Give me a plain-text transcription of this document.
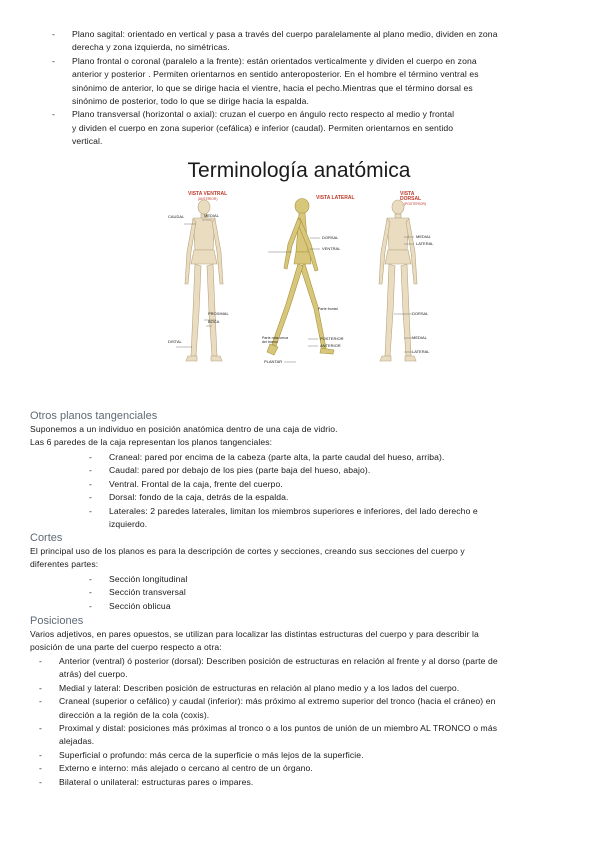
- Plano sagital: orientado en vertical y pasa a través del cuerpo paralelamente al plano medio, dividen en zona
derecha y zona izquierda, no simétricas.
- Plano frontal o coronal (paralelo a la frente): están orientados verticalmente y dividen el cuerpo en zona
anterior y posterior . Permiten orientarnos en sentido anteroposterior. En el hombre el término ventral es
sinónimo de anterior, lo que se dirige hacia el vientre, hacia el pecho.Mientras que el término dorsal es
sinónimo de posterior, todo lo que se dirige hacia la espalda.
- Plano transversal (horizontal o axial): cruzan el cuerpo en ángulo recto respecto al medio y frontal
y dividen el cuerpo en zona superior (cefálica) e inferior (caudal). Permiten orientarnos en sentido
vertical.
Terminología anatómica
VISTA VENTRAL
(ANTERIOR)	VISTA LATERAL
VISTA DORSAL
(POSTERIOR)
CAUDAL	MEDIAL
DISTAL
PROXIMAL
BOCA
DORSAL
VENTRAL
POSTERIOR
ANTERIOR
PLANTAR
Parte más cerca del tronco
Parte frontal
MEDIAL
LATERAL
DORSAL
MEDIAL
LATERAL
Otros planos tangenciales
Suponemos a un individuo en posición anatómica dentro de una caja de vidrio.
Las 6 paredes de la caja representan los planos tangenciales:
- Craneal: pared por encima de la cabeza (parte alta, la parte caudal del hueso, arriba).
- Caudal: pared por debajo de los pies (parte baja del hueso, abajo).
- Ventral. Frontal de la caja, frente del cuerpo.
- Dorsal: fondo de la caja, detrás de la espalda.
- Laterales: 2 paredes laterales, limitan los miembros superiores e inferiores, del lado derecho e
izquierdo.
Cortes
El principal uso de los planos es para la descripción de cortes y secciones, creando sus secciones del cuerpo y
diferentes partes:
- Sección longitudinal
- Sección transversal
- Sección oblicua
Posiciones
Varios adjetivos, en pares opuestos, se utilizan para localizar las distintas estructuras del cuerpo y para describir la
posición de una parte del cuerpo respecto a otra:
- Anterior (ventral) ó posterior (dorsal): Describen posición de estructuras en relación al frente y al dorso (parte de
atrás) del cuerpo.
- Medial y lateral: Describen posición de estructuras en relación al plano medio y a los lados del cuerpo.
- Craneal (superior o cefálico) y caudal (inferior): más próximo al extremo superior del tronco (hacia el cráneo) en
dirección a la región de la cola (coxis).
- Proximal y distal: posiciones más próximas al tronco o a los puntos de unión de un miembro AL TRONCO o más
alejadas.
- Superficial o profundo: más cerca de la superficie o más lejos de la superficie.
- Externo e interno: más alejado o cercano al centro de un órgano.
- Bilateral o unilateral: estructuras pares o impares.
